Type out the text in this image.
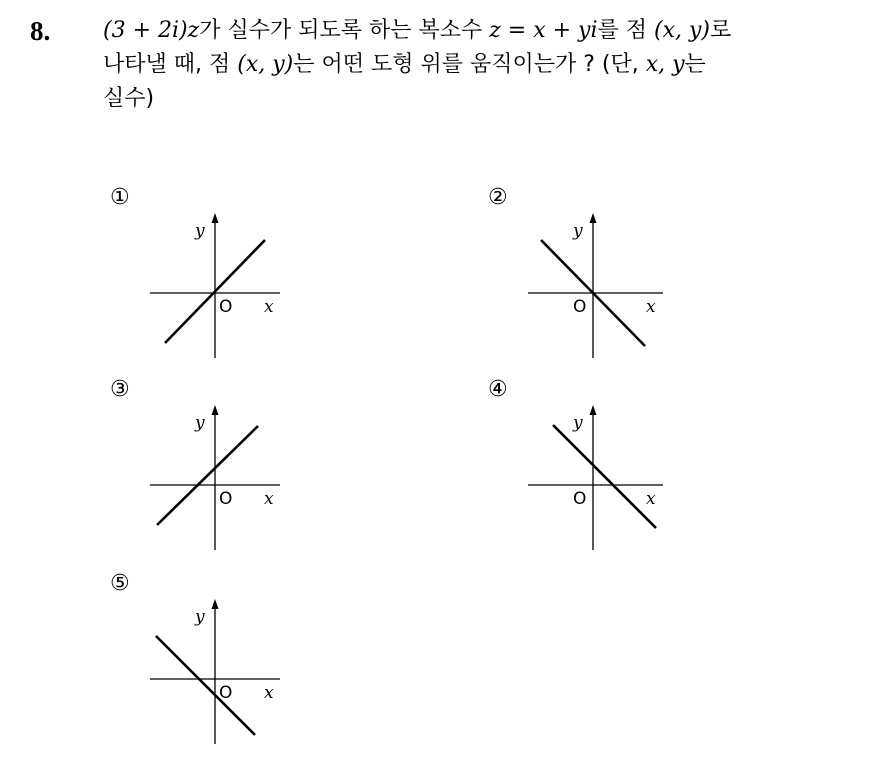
8. (3 + 2i)z가 실수가 되도록 하는 복소수 z = x + yi를 점 (x, y)로
나타낼 때, 점 (x, y)는 어떤 도형 위를 움직이는가 ? (단, x, y는
실수)
①
y
O x
②
y
O	x
③
y
O x
④
y
O	x
⑤
y
O x
